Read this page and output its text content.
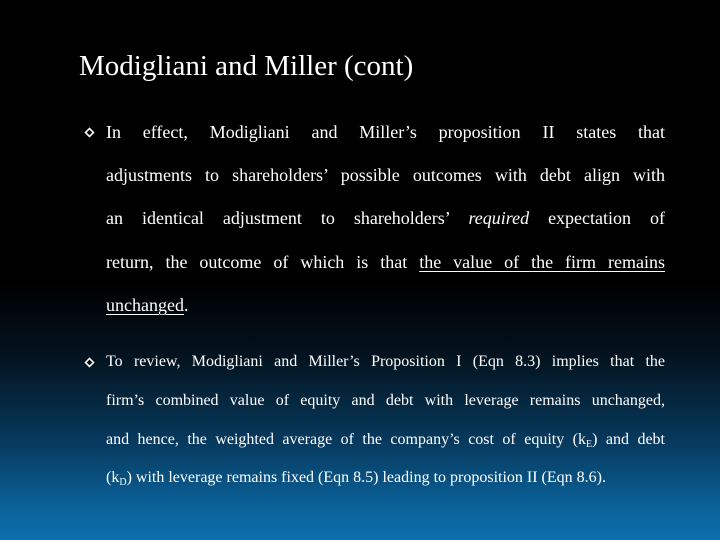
Modigliani and Miller (cont)
In effect, Modigliani and Miller’s proposition II states that
adjustments to shareholders’ possible outcomes with debt align with
an identical adjustment to shareholders’ required expectation of
return, the outcome of which is that the value of the firm remains
unchanged.
To review, Modigliani and Miller’s Proposition I (Eqn 8.3) implies that the
firm’s combined value of equity and debt with leverage remains unchanged,
and hence, the weighted average of the company’s cost of equity $(k_E)$ and debt
$(k_D)$ with leverage remains fixed (Eqn 8.5) leading to proposition II (Eqn 8.6).
